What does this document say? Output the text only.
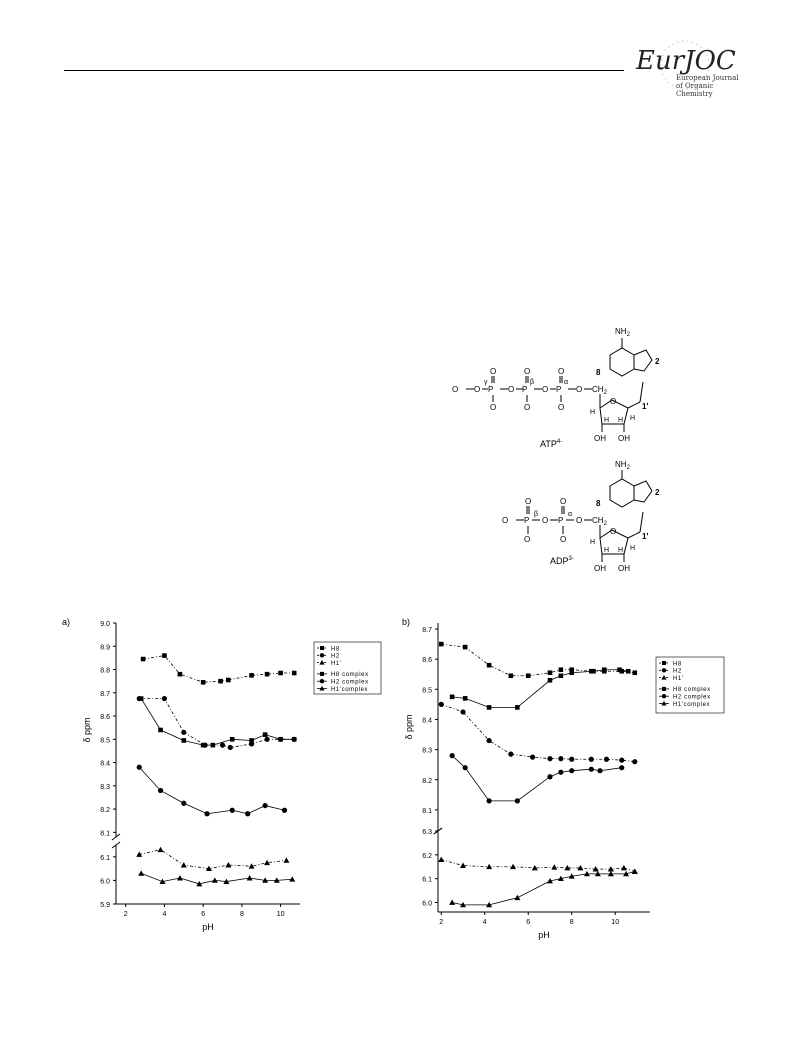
EurJOC
European Journal
of Organic Chemistry
O O P
γ
O
O
O P
β
O
O
O P
α
O
O
O $CH_2$
O
H H
H
H
OH OH
1'
$NH_2$
8
2
$ATP^{4-}$
O P
β
O
O
O P
α
O
O
O $CH_2$
O
H H
H
H
OH OH
1'
$NH_2$
8
2
$ADP^{3-}$
a)
8.1
8.2
8.3
8.4
8.5
8.6
8.7
8.8
8.9
9.0
5.9
6.0
6.1
2	4	6	8	10
pH
δ ppm
H8
H2
H1'
H8 complex
H2 complex
H1'complex
b)
8.1
8.2
8.3
8.4
8.5
8.6
8.7
6.0
6.1
6.2
6.3
2	4	6	8	10
pH
δ ppm
H8
H2
H1'
H8 complex
H2 complex
H1'complex
